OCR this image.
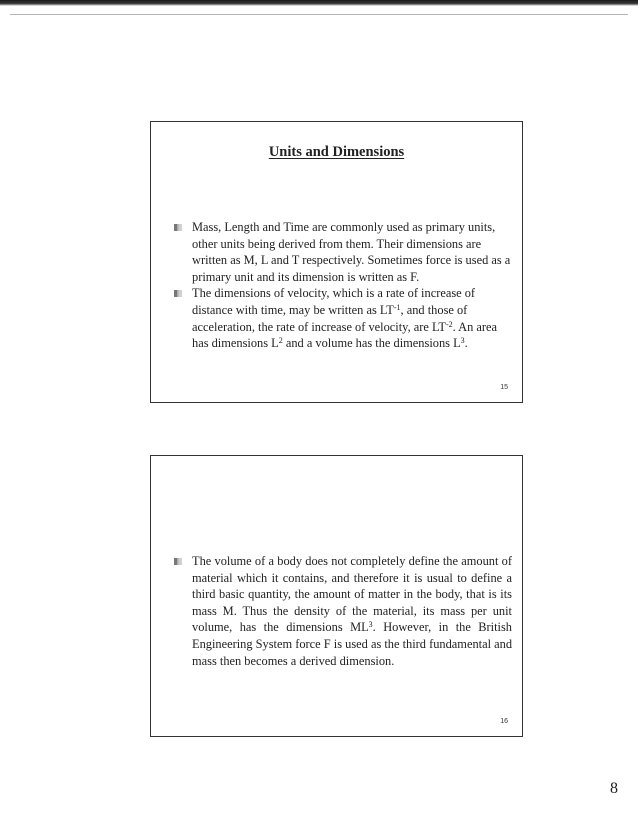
Units and Dimensions
Mass, Length and Time are commonly used as primary units, other units being derived from them. Their dimensions are written as M, L and T respectively. Sometimes force is used as a primary unit and its dimension is written as F.
The dimensions of velocity, which is a rate of increase of distance with time, may be written as $LT^{-1}$, and those of acceleration, the rate of increase of velocity, are $LT^{-2}$. An area has dimensions $L^2$ and a volume has the dimensions $L^3$.
15
The volume of a body does not completely define the amount of material which it contains, and therefore it is usual to define a third basic quantity, the amount of matter in the body, that is its mass M. Thus the density of the material, its mass per unit volume, has the dimensions $ML^3$. However, in the British Engineering System force F is used as the third fundamental and mass then becomes a derived dimension.
16
8
